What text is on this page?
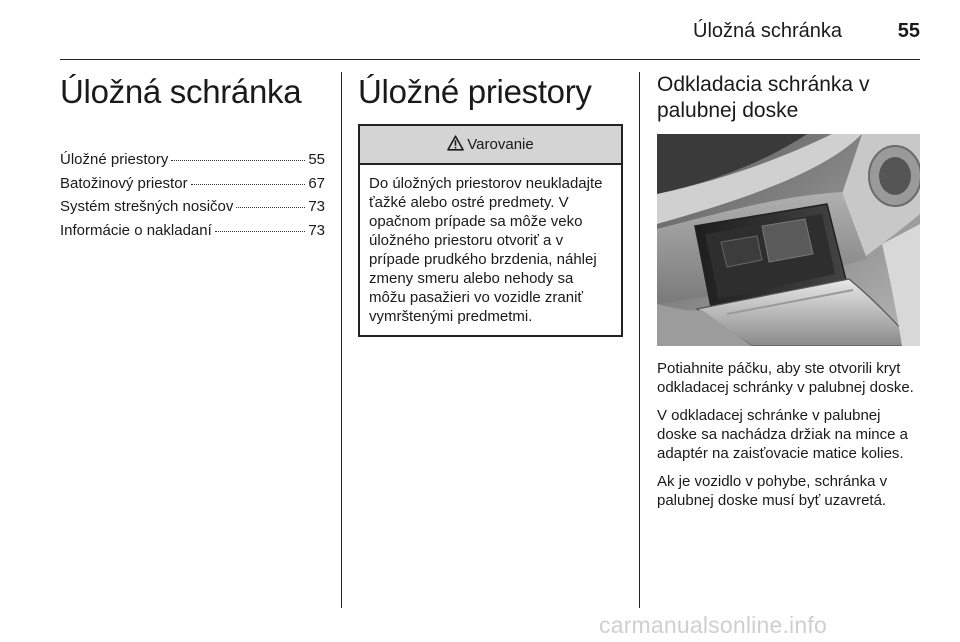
Úložná schránka	55
Úložná schránka
Úložné priestory	55
Batožinový priestor	67
Systém strešných nosičov	73
Informácie o nakladaní	73
Úložné priestory
Varovanie
Do úložných priestorov neukladajte ťažké alebo ostré predmety. V opačnom prípade sa môže veko úložného priestoru otvoriť a v prípade prudkého brzdenia, náhlej zmeny smeru alebo nehody sa môžu pasažieri vo vozidle zraniť vymrštenými predmetmi.
Odkladacia schránka v palubnej doske

Potiahnite páčku, aby ste otvorili kryt odkladacej schránky v palubnej doske.

V odkladacej schránke v palubnej doske sa nachádza držiak na mince a adaptér na zaisťovacie matice kolies.

Ak je vozidlo v pohybe, schránka v palubnej doske musí byť uzavretá.

carmanualsonline.info
